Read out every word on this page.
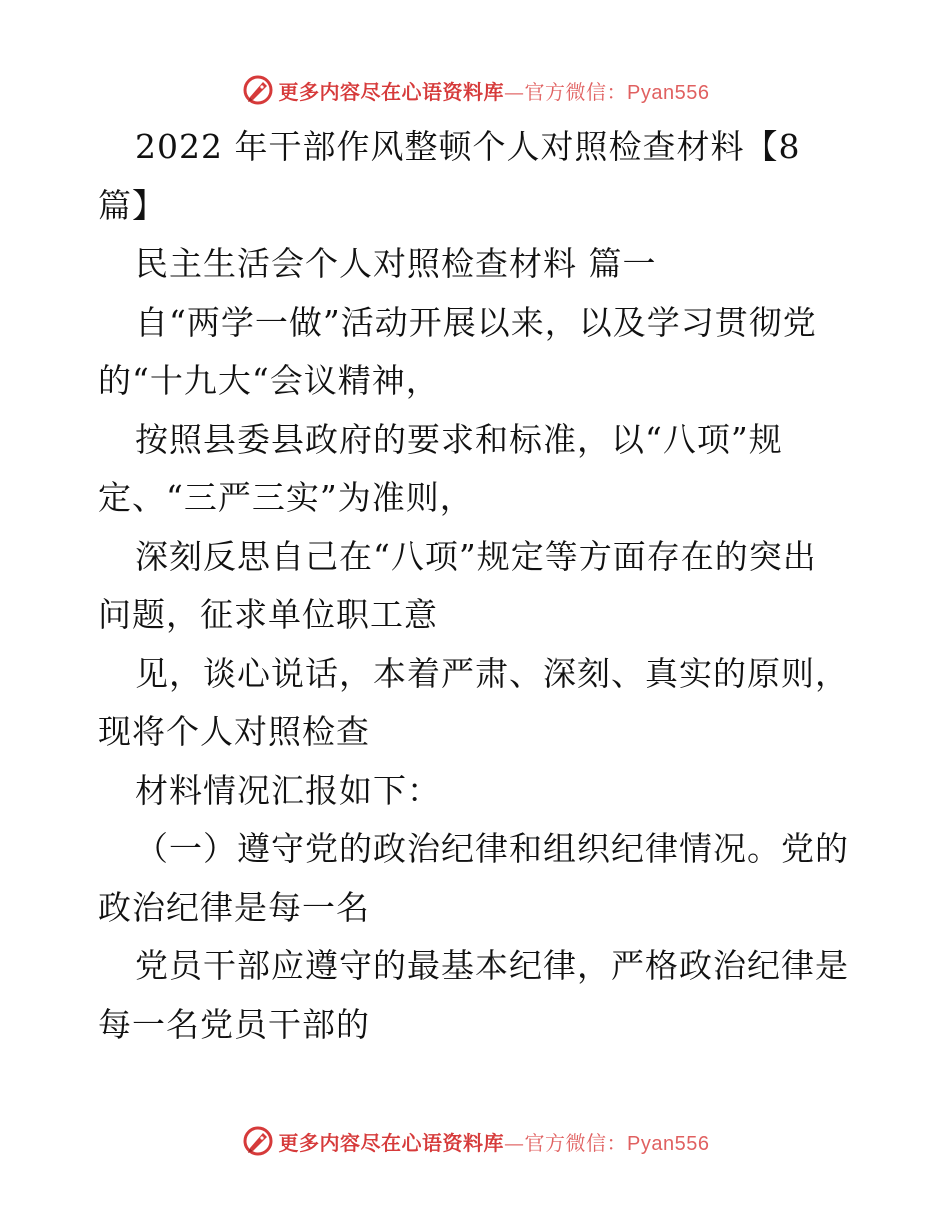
更多内容尽在心语资料库—官方微信：Pyan556
2022 年干部作风整顿个人对照检查材料【8
篇】
民主生活会个人对照检查材料 篇一
自“两学一做”活动开展以来，以及学习贯彻党
的“十九大“会议精神，
按照县委县政府的要求和标准，以“八项”规
定、“三严三实”为准则，
深刻反思自己在“八项”规定等方面存在的突出
问题，征求单位职工意
见，谈心说话，本着严肃、深刻、真实的原则，
现将个人对照检查
材料情况汇报如下：
（一）遵守党的政治纪律和组织纪律情况。党的
政治纪律是每一名
党员干部应遵守的最基本纪律，严格政治纪律是
每一名党员干部的
更多内容尽在心语资料库—官方微信：Pyan556
